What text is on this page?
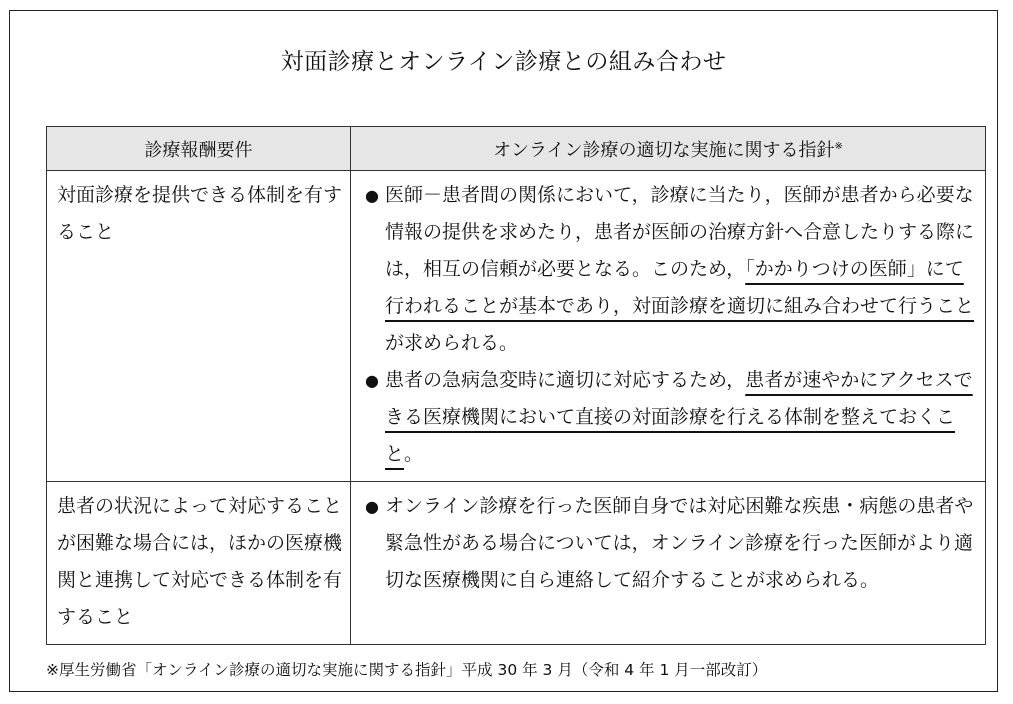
対面診療とオンライン診療との組み合わせ
診療報酬要件	オンライン診療の適切な実施に関する指針※
対面診療を提供できる体制を有すること	● 医師－患者間の関係において，診療に当たり，医師が患者から必要な情報の提供を求めたり，患者が医師の治療方針へ合意したりする際には，相互の信頼が必要となる。このため，「かかりつけの医師」にて行われることが基本であり，対面診療を適切に組み合わせて行うことが求められる。
● 患者の急病急変時に適切に対応するため，患者が速やかにアクセスできる医療機関において直接の対面診療を行える体制を整えておくこと。

患者の状況によって対応することが困難な場合には，ほかの医療機関と連携して対応できる体制を有すること	● オンライン診療を行った医師自身では対応困難な疾患・病態の患者や緊急性がある場合については，オンライン診療を行った医師がより適切な医療機関に自ら連絡して紹介することが求められる。
※厚生労働省「オンライン診療の適切な実施に関する指針」平成 30 年 3 月（令和 4 年 1 月一部改訂）
